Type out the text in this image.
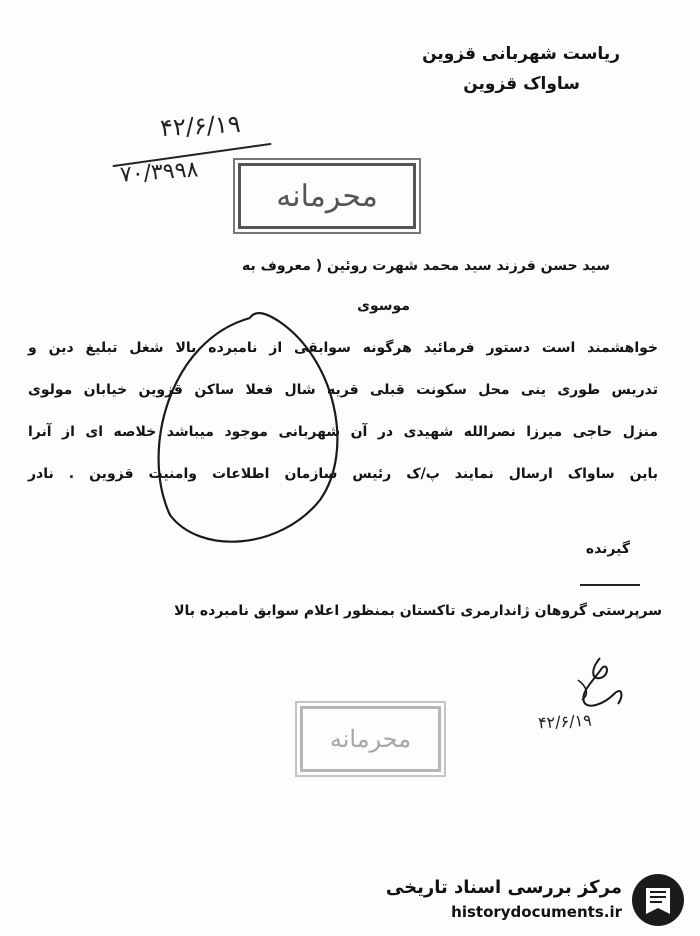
ریاست شهربانی قزوین
ساواک قزوین
۴۲/۶/۱۹
۷۰/۳۹۹۸
محرمانه
سید حسن فرزند سید محمد شهرت روئین ( معروف به
موسوی
خواهشمند است دستور فرمائید هرگونه سوابقی از نامبرده بالا شغل تبلیغ دین و
تدریس طوری ینی محل سکونت قبلی قریه شال فعلا ساکن قزوین خیابان مولوی
منزل حاجی میرزا نصرالله شهیدی در آن شهربانی موجود میباشد خلاصه ای از آنرا
باین ساواک ارسال نمایند پ/ک رئیس سازمان اطلاعات وامنیت قزوین . نادر
گیرنده
سرپرستی گروهان ژاندارمری تاکستان بمنظور اعلام سوابق نامبرده بالا
۴۲/۶/۱۹
محرمانه
مرکز بررسی اسناد تاریخی
historydocuments.ir
